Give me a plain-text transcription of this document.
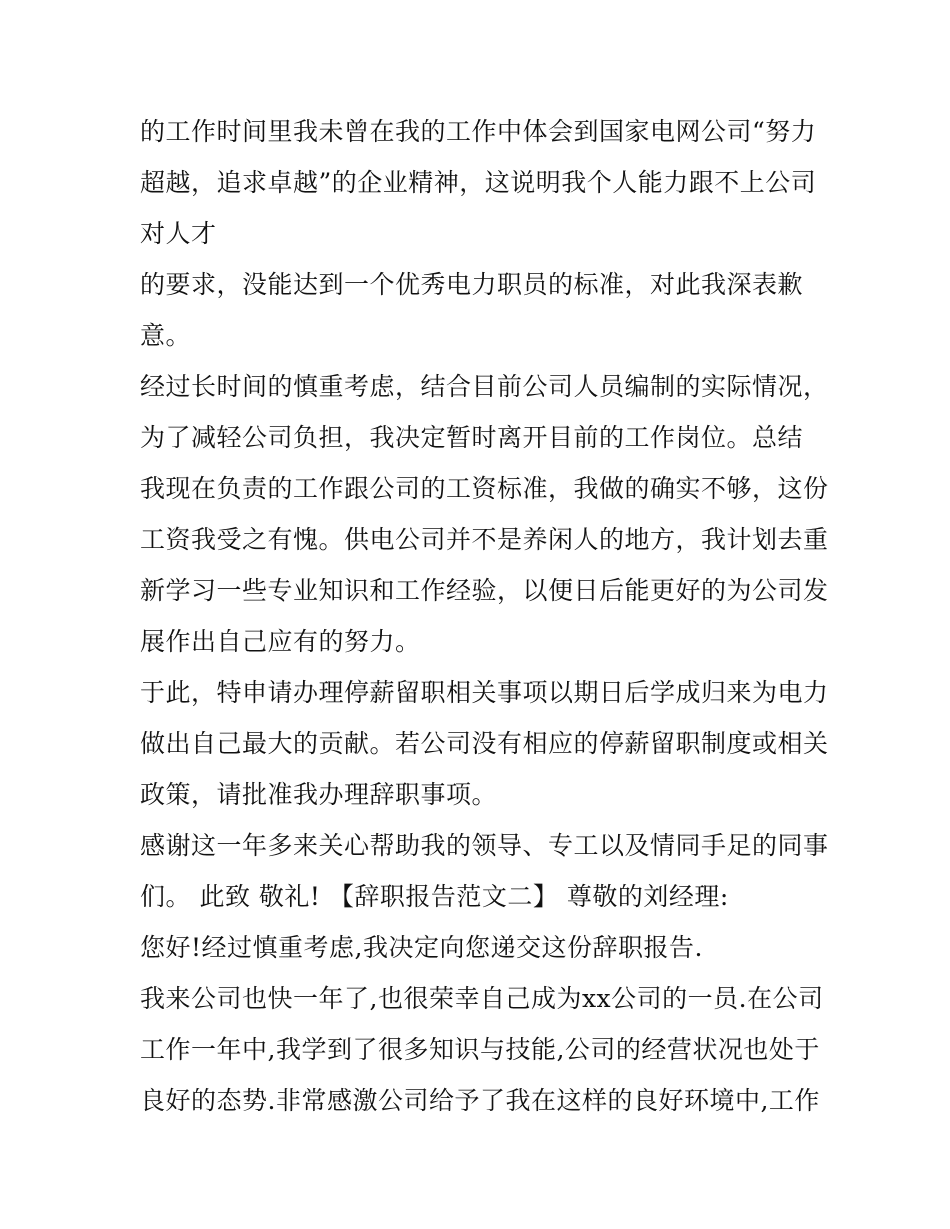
的工作时间里我未曾在我的工作中体会到国家电网公司“努力
超越，追求卓越”的企业精神，这说明我个人能力跟不上公司
对人才
的要求，没能达到一个优秀电力职员的标准，对此我深表歉
意。
经过长时间的慎重考虑，结合目前公司人员编制的实际情况，
为了减轻公司负担，我决定暂时离开目前的工作岗位。总结
我现在负责的工作跟公司的工资标准，我做的确实不够，这份
工资我受之有愧。供电公司并不是养闲人的地方，我计划去重
新学习一些专业知识和工作经验，以便日后能更好的为公司发
展作出自己应有的努力。
于此，特申请办理停薪留职相关事项以期日后学成归来为电力
做出自己最大的贡献。若公司没有相应的停薪留职制度或相关
政策，请批准我办理辞职事项。
感谢这一年多来关心帮助我的领导、专工以及情同手足的同事
们。 此致 敬礼! 【辞职报告范文二】 尊敬的刘经理:
您好!经过慎重考虑,我决定向您递交这份辞职报告.
我来公司也快一年了,也很荣幸自己成为xx公司的一员.在公司
工作一年中,我学到了很多知识与技能,公司的经营状况也处于
良好的态势.非常感激公司给予了我在这样的良好环境中,工作
